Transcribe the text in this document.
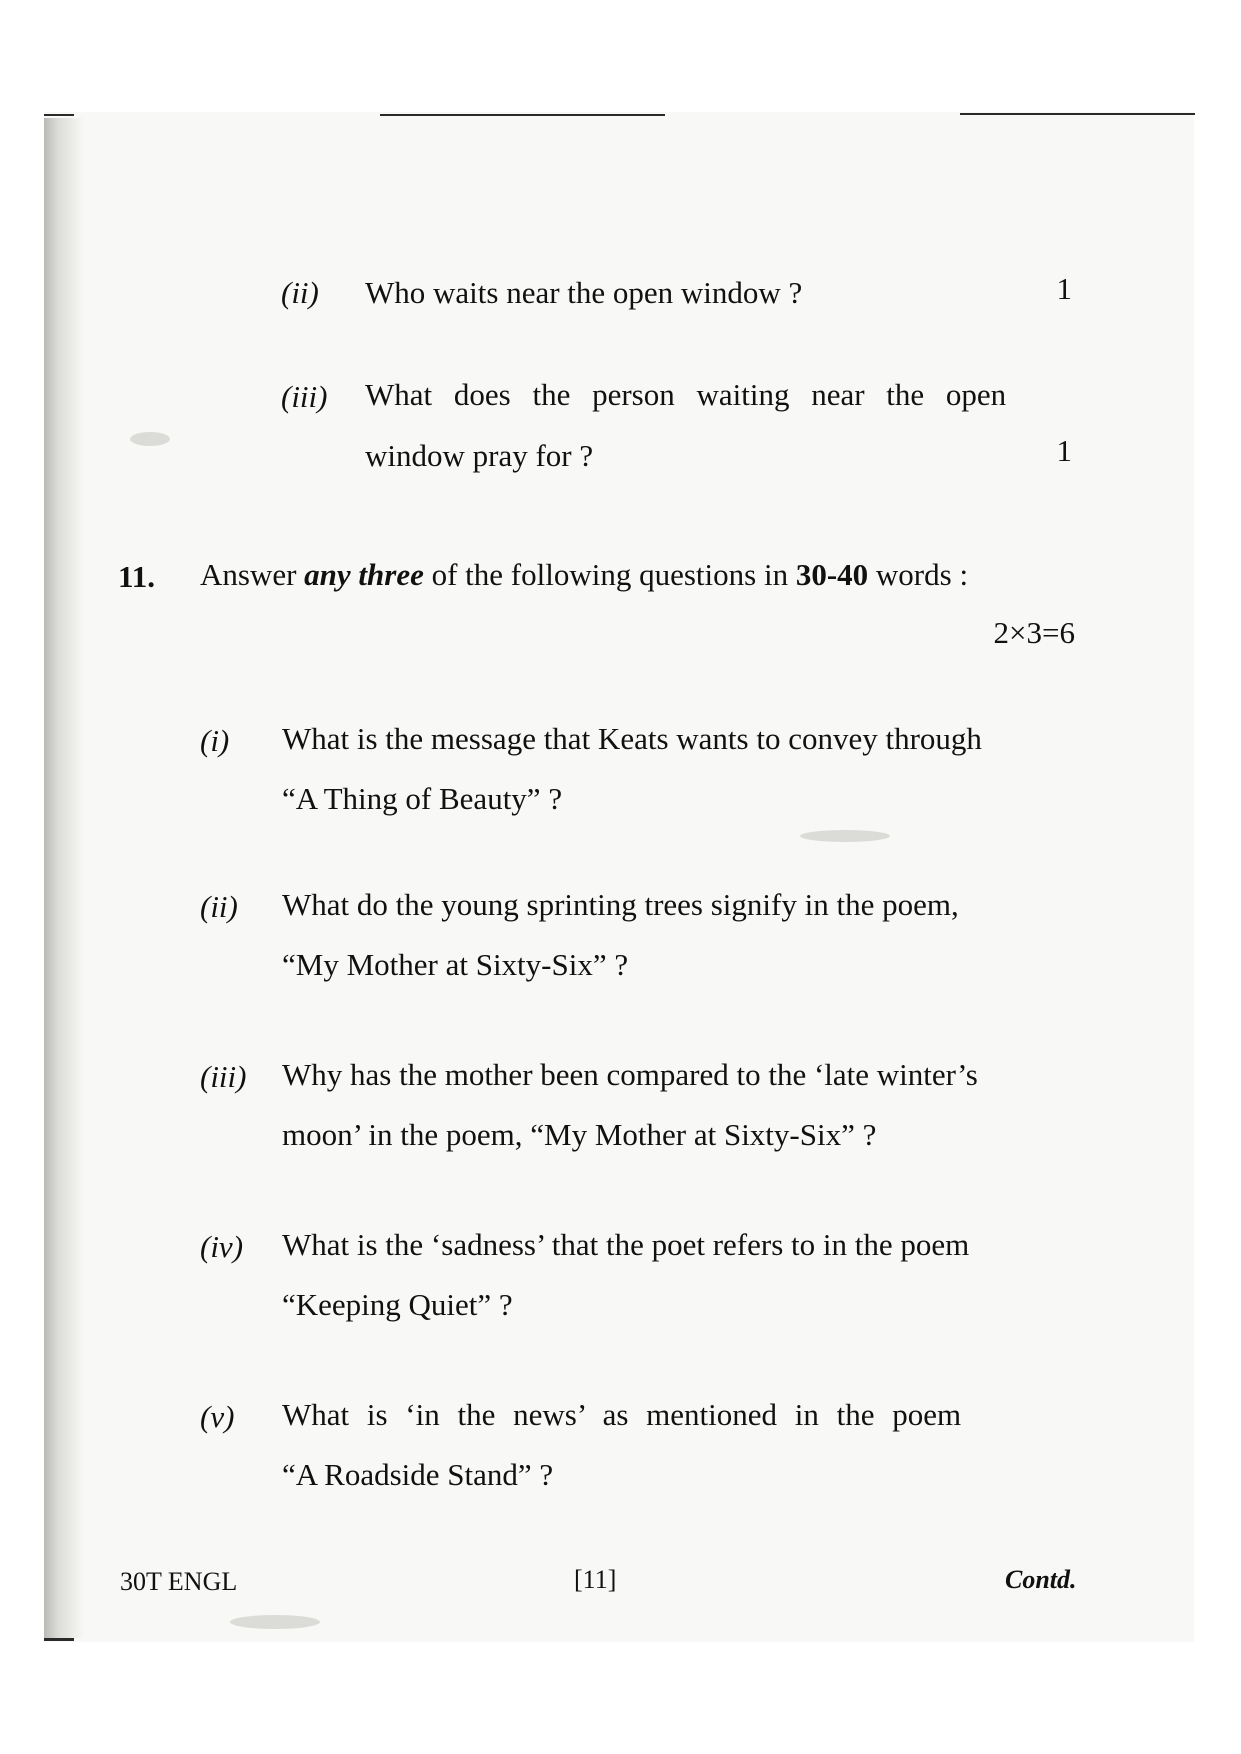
(ii) Who waits near the open window ?	1
(iii) What does the person waiting near the open
window pray for ?	1
11. Answer any three of the following questions in 30-40 words :
2×3=6
(i) What is the message that Keats wants to convey through
“A Thing of Beauty” ?
(ii) What do the young sprinting trees signify in the poem,
“My Mother at Sixty-Six” ?
(iii) Why has the mother been compared to the ‘late winter’s
moon’ in the poem, “My Mother at Sixty-Six” ?
(iv) What is the ‘sadness’ that the poet refers to in the poem
“Keeping Quiet” ?
(v) What is ‘in the news’ as mentioned in the poem
“A Roadside Stand” ?
30T ENGL	[11]	Contd.
